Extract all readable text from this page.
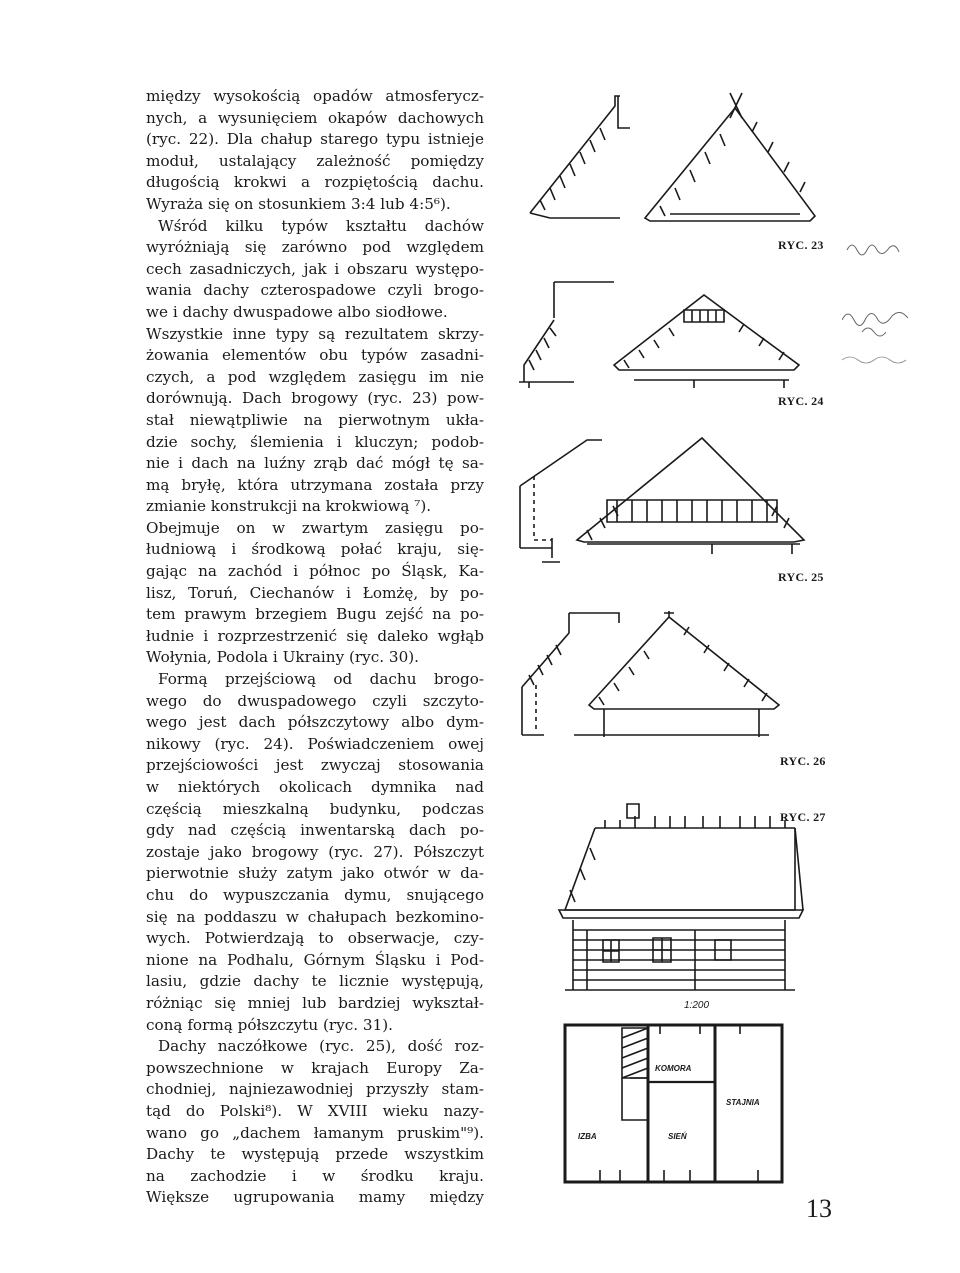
między wysokością opadów atmosferycz-
nych, a wysunięciem okapów dachowych
(ryc. 22). Dla chałup starego typu istnieje
moduł, ustalający zależność pomiędzy
długością krokwi a rozpiętością dachu.
Wyraża się on stosunkiem 3:4 lub 4:5⁶).
Wśród kilku typów kształtu dachów
wyróżniają się zarówno pod względem
cech zasadniczych, jak i obszaru występo-
wania dachy czterospadowe czyli brogo-
we i dachy dwuspadowe albo siodłowe.
Wszystkie inne typy są rezultatem skrzy-
żowania elementów obu typów zasadni-
czych, a pod względem zasięgu im nie
dorównują. Dach brogowy (ryc. 23) pow-
stał niewątpliwie na pierwotnym ukła-
dzie sochy, ślemienia i kluczyn; podob-
nie i dach na luźny zrąb dać mógł tę sa-
mą bryłę, która utrzymana została przy
zmianie konstrukcji na krokwiową ⁷).
Obejmuje on w zwartym zasięgu po-
łudniową i środkową połać kraju, się-
gając na zachód i północ po Śląsk, Ka-
lisz, Toruń, Ciechanów i Łomżę, by po-
tem prawym brzegiem Bugu zejść na po-
łudnie i rozprzestrzenić się daleko wgłąb
Wołynia, Podola i Ukrainy (ryc. 30).
Formą przejściową od dachu brogo-
wego do dwuspadowego czyli szczyto-
wego jest dach półszczytowy albo dym-
nikowy (ryc. 24). Poświadczeniem owej
przejściowości jest zwyczaj stosowania
w niektórych okolicach dymnika nad
częścią mieszkalną budynku, podczas
gdy nad częścią inwentarską dach po-
zostaje jako brogowy (ryc. 27). Półszczyt
pierwotnie służy zatym jako otwór w da-
chu do wypuszczania dymu, snującego
się na poddaszu w chałupach bezkomino-
wych. Potwierdzają to obserwacje, czy-
nione na Podhalu, Górnym Śląsku i Pod-
lasiu, gdzie dachy te licznie występują,
różniąc się mniej lub bardziej wykształ-
coną formą półszczytu (ryc. 31).
Dachy naczółkowe (ryc. 25), dość roz-
powszechnione w krajach Europy Za-
chodniej, najniezawodniej przyszły stam-
tąd do Polski⁸). W XVIII wieku nazy-
wano go „dachem łamanym pruskim"⁹).
Dachy te występują przede wszystkim
na zachodzie i w środku kraju.
Większe ugrupowania mamy między
RYC. 23
RYC. 24
RYC. 25
RYC. 26
RYC. 27
1:200
KOMORA
STAJNIA
IZBA	SIEŃ
13
